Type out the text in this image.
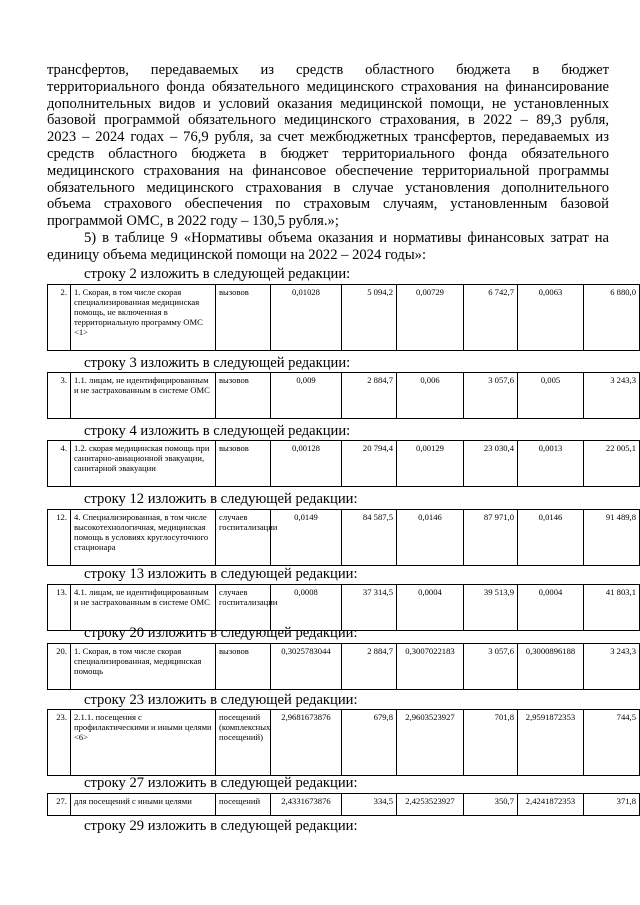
трансфертов, передаваемых из средств областного бюджета в бюджет
территориального фонда обязательного медицинского страхования на финансирование
дополнительных видов и условий оказания медицинской помощи, не установленных
базовой программой обязательного медицинского страхования, в 2022 – 89,3 рубля,
2023 – 2024 годах – 76,9 рубля, за счет межбюджетных трансфертов, передаваемых из
средств областного бюджета в бюджет территориального фонда обязательного
медицинского страхования на финансовое обеспечение территориальной программы
обязательного медицинского страхования в случае установления дополнительного
объема страхового обеспечения по страховым случаям, установленным базовой
программой ОМС, в 2022 году – 130,5 рубля.»;
5) в таблице 9 «Нормативы объема оказания и нормативы финансовых затрат на
единицу объема медицинской помощи на 2022 – 2024 годы»:
строку 2 изложить в следующей редакции:
2.	1. Скорая, в том числе скорая специализированная медицинская помощь, не включенная в территориальную программу ОМС <1>	вызовов	0,01028	5 094,2	0,00729	6 742,7	0,0063	6 880,0
строку 3 изложить в следующей редакции:
3.	1.1. лицам, не идентифицированным и не застрахованным в системе ОМС	вызовов	0,009	2 884,7	0,006	3 057,6	0,005	3 243,3
строку 4 изложить в следующей редакции:
4.	1.2. скорая медицинская помощь при санитарно-авиационной эвакуации, санитарной эвакуации	вызовов	0,00128	20 794,4	0,00129	23 030,4	0,0013	22 005,1
строку 12 изложить в следующей редакции:
12.	4. Специализированная, в том числе высокотехнологичная, медицинская помощь в условиях круглосуточного стационара	случаев госпитализации	0,0149	84 587,5	0,0146	87 971,0	0,0146	91 489,8
строку 13 изложить в следующей редакции:
13.	4.1. лицам, не идентифицированным и не застрахованным в системе ОМС	случаев госпитализации	0,0008	37 314,5	0,0004	39 513,9	0,0004	41 803,1
строку 20 изложить в следующей редакции:
20.	1. Скорая, в том числе скорая специализированная, медицинская помощь	вызовов	0,3025783044	2 884,7	0,3007022183	3 057,6	0,3000896188	3 243,3
строку 23 изложить в следующей редакции:
23.	2.1.1. посещения с профилактическими и иными целями <6>	посещений (комплексных посещений)	2,9681673876	679,8	2,9603523927	701,8	2,9591872353	744,5
строку 27 изложить в следующей редакции:
27.	для посещений с иными целями	посещений	2,4331673876	334,5	2,4253523927	350,7	2,4241872353	371,8
строку 29 изложить в следующей редакции:
